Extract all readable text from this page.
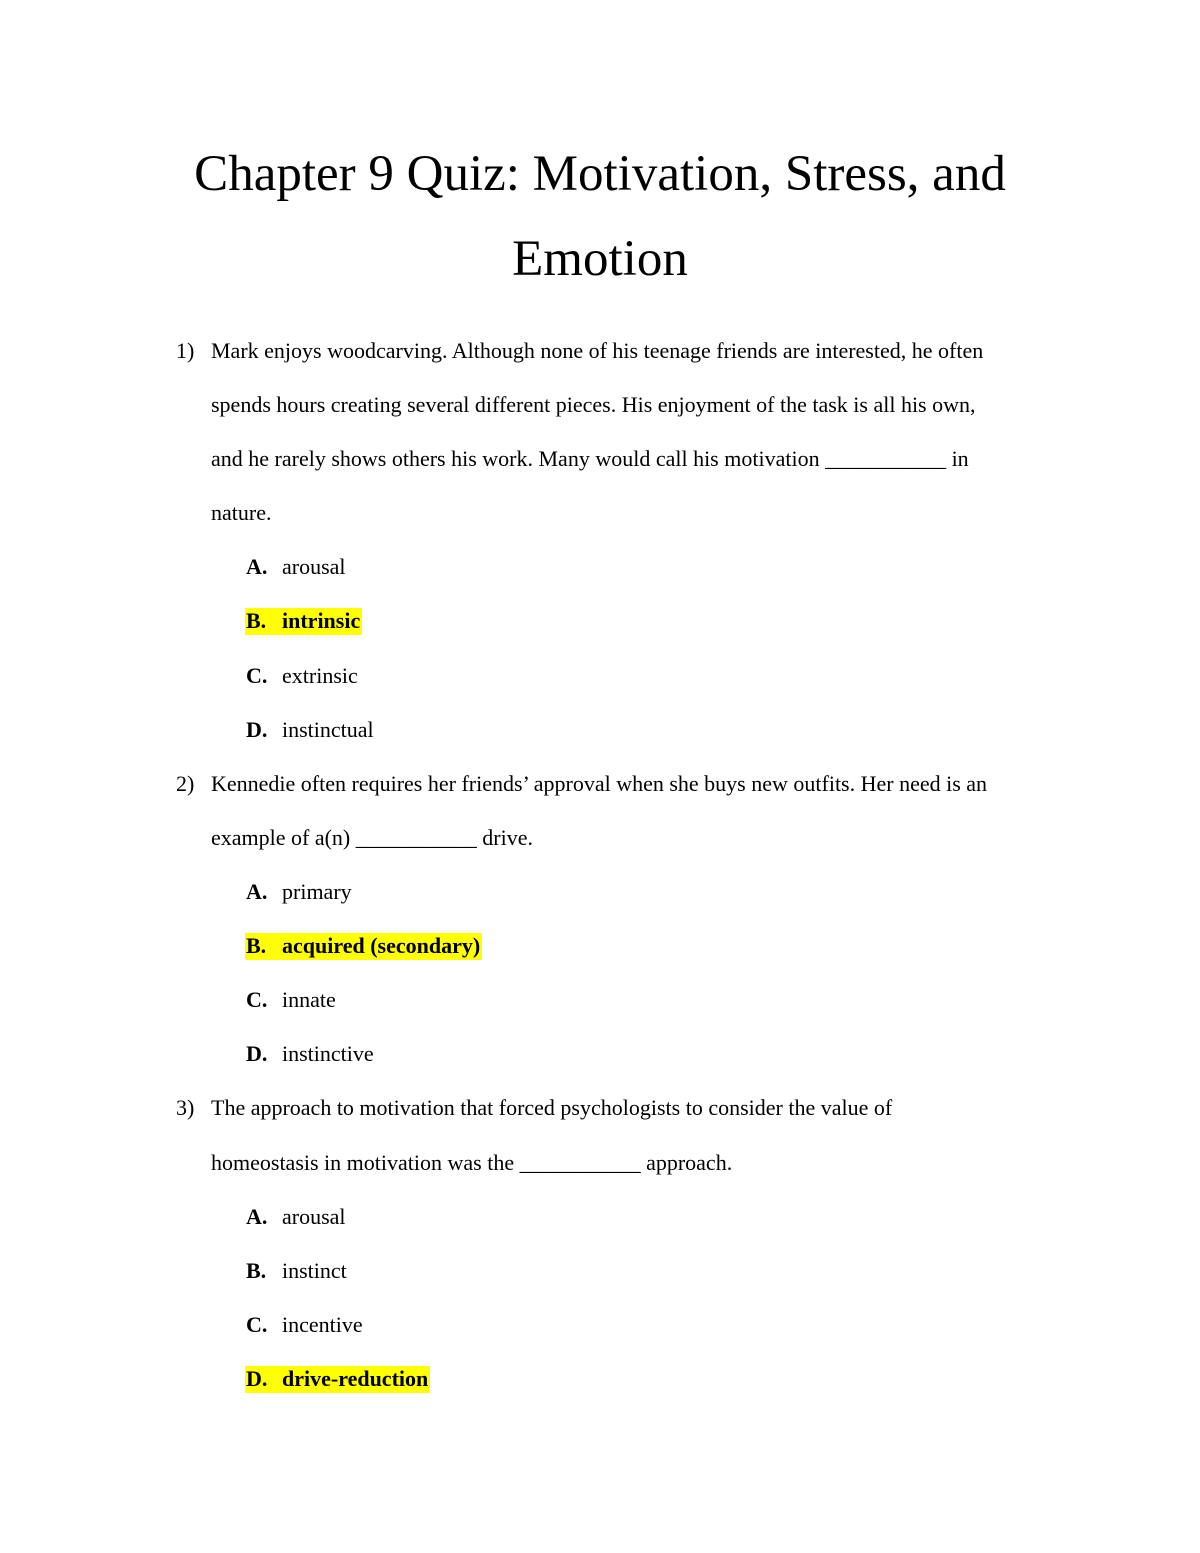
Chapter 9 Quiz: Motivation, Stress, and
Emotion
1) Mark enjoys woodcarving. Although none of his teenage friends are interested, he often
spends hours creating several different pieces. His enjoyment of the task is all his own,
and he rarely shows others his work. Many would call his motivation ___________ in
nature.
A. arousal
B. intrinsic
C. extrinsic
D. instinctual
2) Kennedie often requires her friends’ approval when she buys new outfits. Her need is an
example of a(n) ___________ drive.
A. primary
B. acquired (secondary)
C. innate
D. instinctive
3) The approach to motivation that forced psychologists to consider the value of
homeostasis in motivation was the ___________ approach.
A. arousal
B. instinct
C. incentive
D. drive-reduction
